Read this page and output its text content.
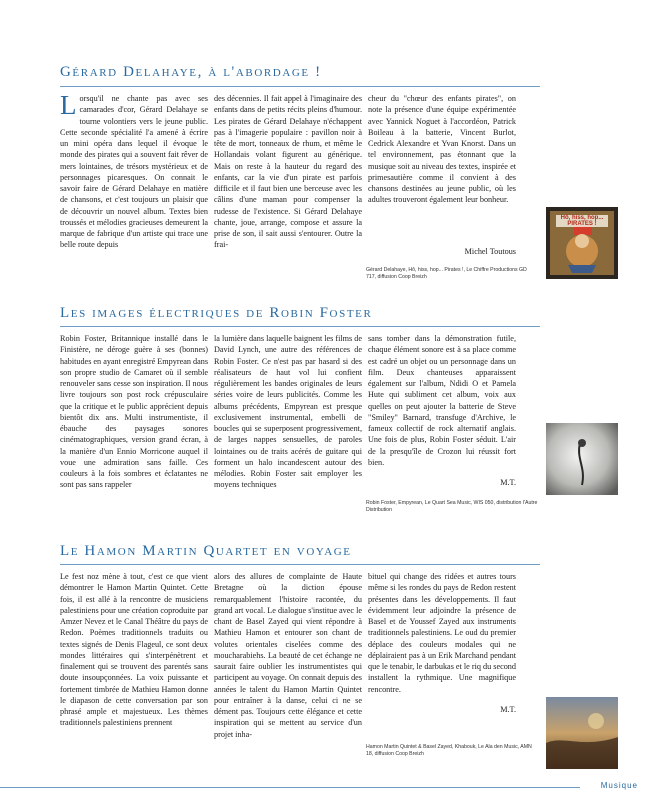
Gérard Delahaye, à l'abordage !

Lorsqu'il ne chante pas avec ses camarades d'cor, Gérard Delahaye se tourne volontiers vers le jeune public. Cette seconde spécialité l'a amené à écrire un mini opéra dans lequel il évoque le monde des pirates qui a souvent fait rêver de mers lointaines, de trésors mystérieux et de personnages picaresques. On connait le savoir faire de Gérard Delahaye en matière de chansons, et c'est toujours un plaisir que de découvrir un nouvel album. Textes bien troussés et mélodies gracieuses demeurent la marque de fabrique d'un artiste qui trace une belle route depuis

des décennies. Il fait appel à l'imaginaire des enfants dans de petits récits pleins d'humour. Les pirates de Gérard Delahaye n'échappent pas à l'imagerie populaire : pavillon noir à tête de mort, tonneaux de rhum, et même le Hollandais volant figurent au générique. Mais on reste à la hauteur du regard des enfants, car la vie d'un pirate est parfois difficile et il faut bien une berceuse avec les câlins d'une maman pour compenser la rudesse de l'existence. Si Gérard Delahaye chante, joue, arrange, compose et assure la prise de son, il sait aussi s'entourer. Outre la frai-

cheur du "chœur des enfants pirates", on note la présence d'une équipe expérimentée avec Yannick Noguet à l'accordéon, Patrick Boileau à la batterie, Vincent Burlot, Cedrick Alexandre et Yvan Knorst. Dans un tel environnement, pas étonnant que la musique soit au niveau des textes, inspirée et primesautière comme il convient à des chansons destinées au jeune public, où les adultes trouveront également leur bonheur.

Michel Toutous
Gérard Delahaye, Hô, hiss, hop... Pirates !, Le Chiffre Productions GD 717, diffusion Coop Breizh
Hô, hiss, hop... PIRATES !
Les images électriques de Robin Foster

Robin Foster, Britannique installé dans le Finistère, ne déroge guère à ses (bonnes) habitudes en ayant enregistré Empyrean dans son propre studio de Camaret où il semble renouveler sans cesse son inspiration. Il nous livre toujours son post rock crépusculaire que la critique et le public apprécient depuis bientôt dix ans. Multi instrumentiste, il ébauche des paysages sonores cinématographiques, version grand écran, à la manière d'un Ennio Morricone auquel il voue une admiration sans faille. Ces couleurs à la fois sombres et éclatantes ne sont pas sans rappeler

la lumière dans laquelle baignent les films de David Lynch, une autre des références de Robin Foster. Ce n'est pas par hasard si des réalisateurs de haut vol lui confient régulièrement les bandes originales de leurs séries voire de leurs publicités. Comme les albums précédents, Empyrean est presque exclusivement instrumental, embelli de boucles qui se superposent progressivement, de larges nappes sensuelles, de paroles lointaines ou de traits acérés de guitare qui forment un halo incandescent autour des mélodies. Robin Foster sait employer les moyens techniques

sans tomber dans la démonstration futile, chaque élément sonore est à sa place comme est cadré un objet ou un personnage dans un film. Deux chanteuses apparaissent également sur l'album, Ndidi O et Pamela Hute qui subliment cet album, voix aux quelles on peut ajouter la batterie de Steve "Smiley" Barnard, transfuge d'Archive, le fameux collectif de rock alternatif anglais. Une fois de plus, Robin Foster séduit. L'air de la presqu'île de Crozon lui réussit fort bien.

M.T.
Robin Foster, Empyrean, Le Quart Sea Music, WIS 050, distribution l'Autre Distribution
Le Hamon Martin Quartet en voyage

Le fest noz mène à tout, c'est ce que vient démontrer le Hamon Martin Quintet. Cette fois, il est allé à la rencontre de musiciens palestiniens pour une création coproduite par Amzer Nevez et le Canal Théâtre du pays de Redon. Poèmes traditionnels traduits ou textes signés de Denis Flageul, ce sont deux mondes littéraires qui s'interpénètrent et finalement qui se trouvent des parentés sans doute insoupçonnées. La voix puissante et fortement timbrée de Mathieu Hamon donne le diapason de cette conversation par son phrasé ample et majestueux. Les thèmes traditionnels palestiniens prennent

alors des allures de complainte de Haute Bretagne où la diction épouse remarquablement l'histoire racontée, du grand art vocal. Le dialogue s'institue avec le chant de Basel Zayed qui vient répondre à Mathieu Hamon et entourer son chant de volutes orientales ciselées comme des moucharabiehs. La beauté de cet échange ne saurait faire oublier les instrumentistes qui participent au voyage. On connait depuis des années le talent du Hamon Martin Quintet pour entraîner à la danse, celui ci ne se dément pas. Toujours cette élégance et cette inspiration qui se mettent au service d'un projet inha-

bituel qui change des ridées et autres tours même si les rondes du pays de Redon restent présentes dans les développements. Il faut évidemment leur adjoindre la présence de Basel et de Youssef Zayed aux instruments traditionnels palestiniens. Le oud du premier déplace des couleurs modales qui ne déplairaient pas à un Erik Marchand pendant que le tenabir, le darbukas et le riq du second installent la rythmique. Une magnifique rencontre.

M.T.
Hamon Martin Quintet & Basel Zayed, Khabouk, Le Ala den Music, AMN 18, diffusion Coop Breizh
Musique
